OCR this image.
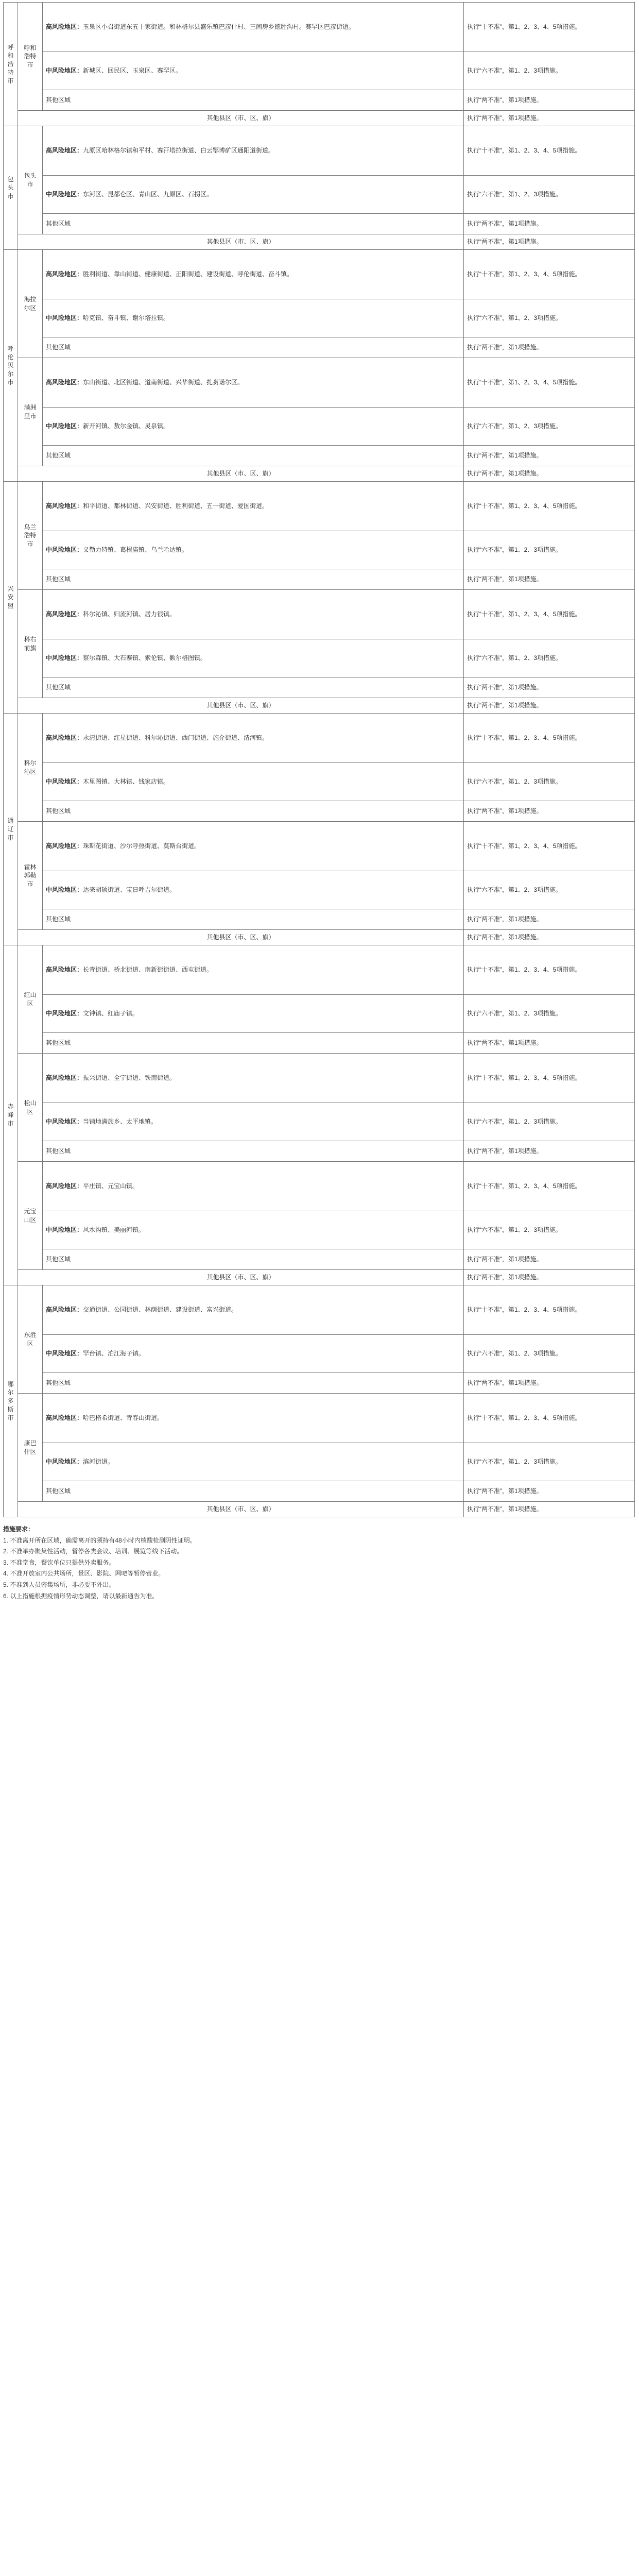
呼和浩特市	呼和浩特市	高风险地区：玉泉区小召街道东五十家街道。和林格尔县盛乐镇巴彦什村、三间房乡德胜沟村。赛罕区巴彦街道。	执行“十不准”，第1、2、3、4、5项措施。
		中风险地区：新城区、回民区、玉泉区、赛罕区。	执行“六不准”，第1、2、3项措施。
		其他区域	执行“两不准”，第1项措施。
	其他县区（市、区、旗）		执行“两不准”，第1项措施。
包头市	包头市	高风险地区：九原区哈林格尔镇和平村、赛汗塔拉街道、白云鄂博矿区通阳道街道。	执行“十不准”，第1、2、3、4、5项措施。
		中风险地区：东河区、昆都仑区、青山区、九原区、石拐区。	执行“六不准”，第1、2、3项措施。
		其他区域	执行“两不准”，第1项措施。
	其他县区（市、区、旗）		执行“两不准”，第1项措施。
呼伦贝尔市	海拉尔区	高风险地区：胜利街道、靠山街道、健康街道、正阳街道、建设街道、呼伦街道、奋斗镇。	执行“十不准”，第1、2、3、4、5项措施。
		中风险地区：哈克镇、奋斗镇、谢尔塔拉镇。	执行“六不准”，第1、2、3项措施。
		其他区域	执行“两不准”，第1项措施。
	满洲里市	高风险地区：东山街道、北区街道、道南街道、兴华街道、扎赉诺尔区。	执行“十不准”，第1、2、3、4、5项措施。
		中风险地区：新开河镇、敖尔金镇、灵泉镇。	执行“六不准”，第1、2、3项措施。
		其他区域	执行“两不准”，第1项措施。
	其他县区（市、区、旗）		执行“两不准”，第1项措施。
兴安盟	乌兰浩特市	高风险地区：和平街道、都林街道、兴安街道、胜利街道、五一街道、爱国街道。	执行“十不准”，第1、2、3、4、5项措施。
		中风险地区：义勒力特镇、葛根庙镇、乌兰哈达镇。	执行“六不准”，第1、2、3项措施。
		其他区域	执行“两不准”，第1项措施。
	科右前旗	高风险地区：科尔沁镇、归流河镇、居力很镇。	执行“十不准”，第1、2、3、4、5项措施。
		中风险地区：察尔森镇、大石寨镇、索伦镇、额尔格图镇。	执行“六不准”，第1、2、3项措施。
		其他区域	执行“两不准”，第1项措施。
	其他县区（市、区、旗）		执行“两不准”，第1项措施。
通辽市	科尔沁区	高风险地区：永清街道、红星街道、科尔沁街道、西门街道、施介街道、清河镇。	执行“十不准”，第1、2、3、4、5项措施。
		中风险地区：木里图镇、大林镇、钱家店镇。	执行“六不准”，第1、2、3项措施。
		其他区域	执行“两不准”，第1项措施。
	霍林郭勒市	高风险地区：珠斯花街道、沙尔呼热街道、莫斯台街道。	执行“十不准”，第1、2、3、4、5项措施。
		中风险地区：达来胡硕街道、宝日呼吉尔街道。	执行“六不准”，第1、2、3项措施。
		其他区域	执行“两不准”，第1项措施。
	其他县区（市、区、旗）		执行“两不准”，第1项措施。
赤峰市	红山区	高风险地区：长青街道、桥北街道、南新街街道、西屯街道。	执行“十不准”，第1、2、3、4、5项措施。
		中风险地区：文钟镇、红庙子镇。	执行“六不准”，第1、2、3项措施。
		其他区域	执行“两不准”，第1项措施。
	松山区	高风险地区：振兴街道、全宁街道、铁南街道。	执行“十不准”，第1、2、3、4、5项措施。
		中风险地区：当铺地满族乡、太平地镇。	执行“六不准”，第1、2、3项措施。
		其他区域	执行“两不准”，第1项措施。
	元宝山区	高风险地区：平庄镇、元宝山镇。	执行“十不准”，第1、2、3、4、5项措施。
		中风险地区：风水沟镇、美丽河镇。	执行“六不准”，第1、2、3项措施。
		其他区域	执行“两不准”，第1项措施。
	其他县区（市、区、旗）		执行“两不准”，第1项措施。
鄂尔多斯市	东胜区	高风险地区：交通街道、公园街道、林荫街道、建设街道、富兴街道。	执行“十不准”，第1、2、3、4、5项措施。
		中风险地区：罕台镇、泊江海子镇。	执行“六不准”，第1、2、3项措施。
		其他区域	执行“两不准”，第1项措施。
	康巴什区	高风险地区：哈巴格希街道、青春山街道。	执行“十不准”，第1、2、3、4、5项措施。
		中风险地区：滨河街道。	执行“六不准”，第1、2、3项措施。
		其他区域	执行“两不准”，第1项措施。
	其他县区（市、区、旗）		执行“两不准”，第1项措施。

措施要求：

1. 不准离开所在区域，确需离开的须持有48小时内核酸检测阴性证明。

2. 不准举办聚集性活动，暂停各类会议、培训、展览等线下活动。

3. 不准堂食，餐饮单位只提供外卖服务。

4. 不准开放室内公共场所，景区、影院、网吧等暂停营业。

5. 不准到人员密集场所，非必要不外出。

6. 以上措施根据疫情形势动态调整，请以最新通告为准。
